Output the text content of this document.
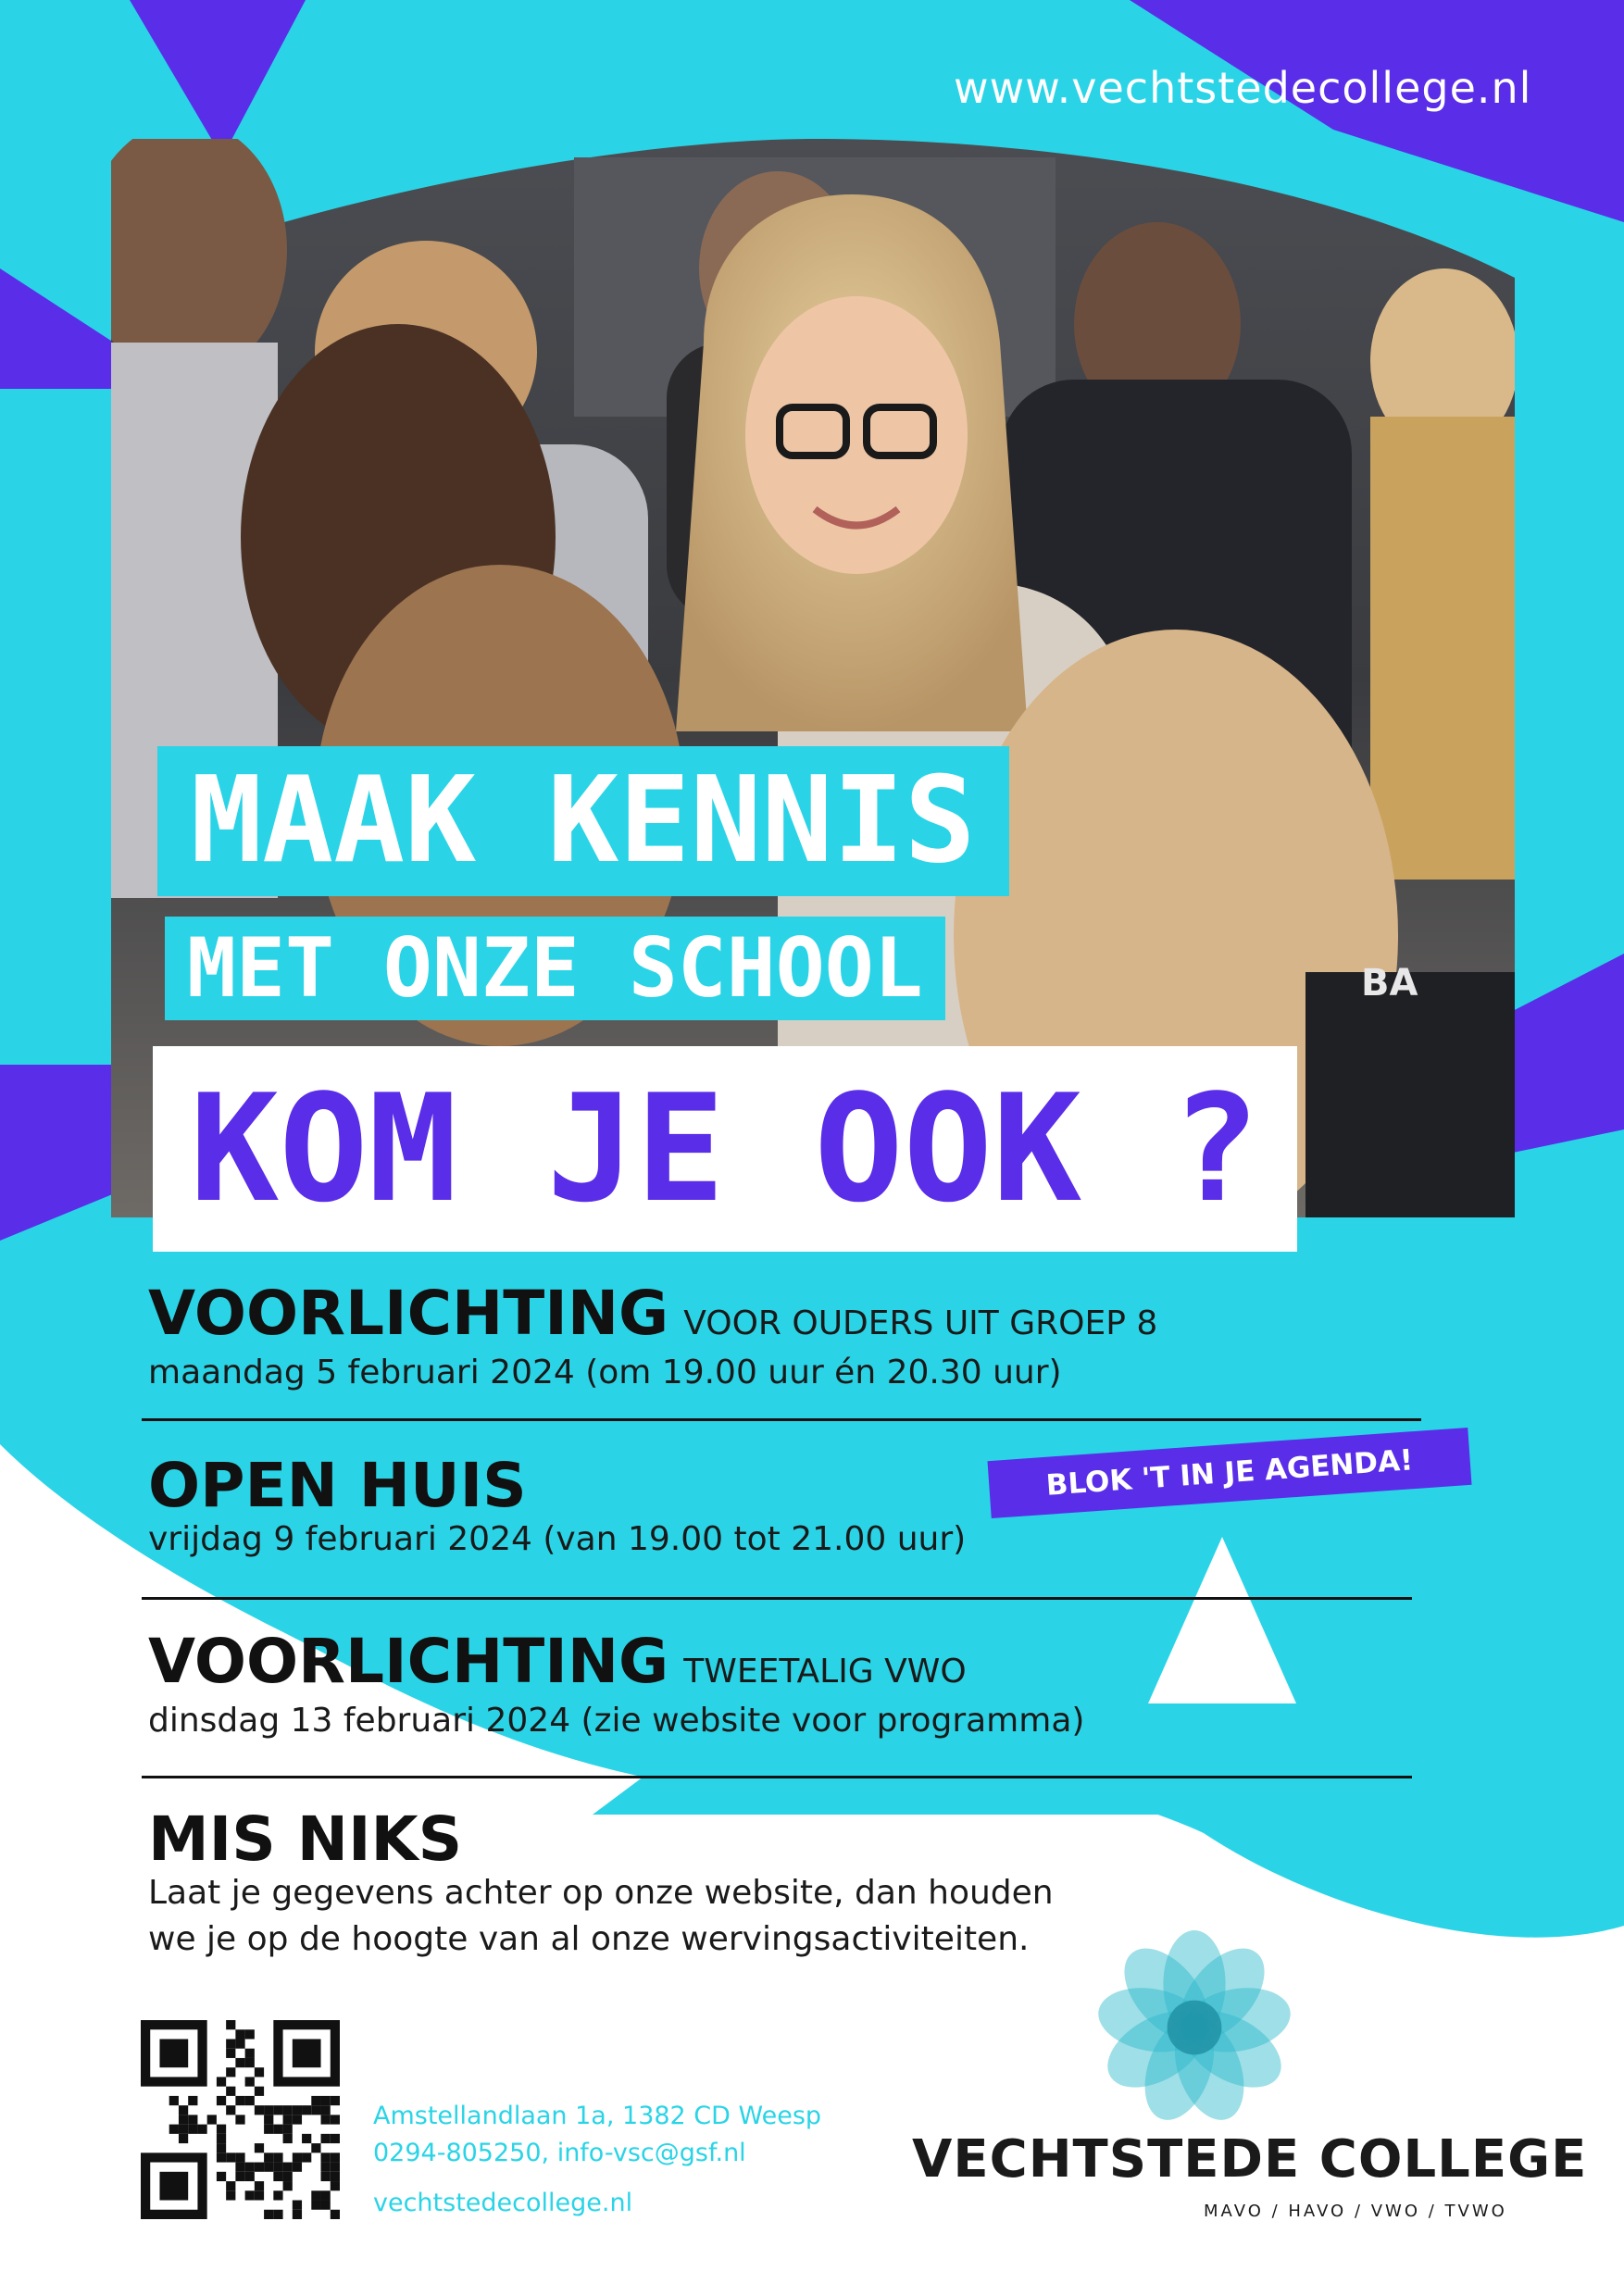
BA
www.vechtstedecollege.nl
MAAK KENNIS
MET ONZE SCHOOL
KOM JE OOK ?
VOORLICHTING VOOR OUDERS UIT GROEP 8
maandag 5 februari 2024 (om 19.00 uur én 20.30 uur)
OPEN HUIS
vrijdag 9 februari 2024 (van 19.00 tot 21.00 uur)
BLOK 'T IN JE AGENDA!
VOORLICHTING TWEETALIG VWO
dinsdag 13 februari 2024 (zie website voor programma)
MIS NIKS
Laat je gegevens achter op onze website, dan houden
we je op de hoogte van al onze wervingsactiviteiten.
Amstellandlaan 1a, 1382 CD Weesp
0294-805250, info-vsc@gsf.nl
vechtstedecollege.nl
VECHTSTEDE COLLEGE
MAVO / HAVO / VWO / TVWO
